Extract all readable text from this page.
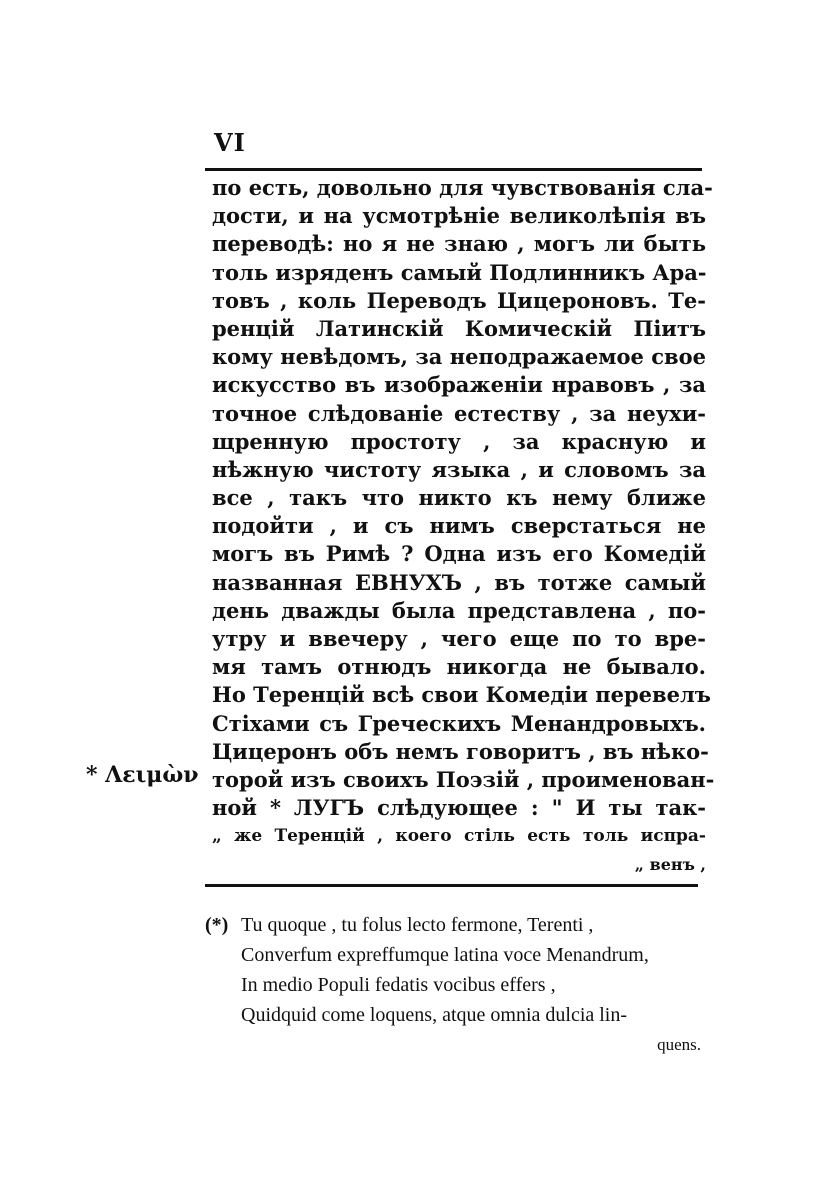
VI
* Λειμὼν
по есть, довольно для чувствованія сла-
дости, и на усмотрѣніе великолѣпія въ
переводѣ: но я не знаю , могъ ли быть
толь изряденъ самый Подлинникъ Ара-
товъ , коль Переводъ Цицероновъ. Те-
ренцій Латинскій Комическій Піитъ
кому невѣдомъ, за неподражаемое свое
искусство въ изображеніи нравовъ , за
точное слѣдованіе естеству , за неухи-
щренную простоту , за красную и
нѣжную чистоту языка , и словомъ за
все , такъ что никто къ нему ближе
подойти , и съ нимъ сверстаться не
могъ въ Римѣ ? Одна изъ его Комедій
названная ЕВНУХЪ , въ тотже самый
день дважды была представлена , по-
утру и ввечеру , чего еще по то вре-
мя тамъ отнюдъ никогда не бывало.
Но Теренцій всѣ свои Комедіи перевелъ
Стіхами съ Греческихъ Менандровыхъ.
Цицеронъ объ немъ говоритъ , въ нѣко-
торой изъ своихъ Поэзій , проименован-
ной * ЛУГЪ слѣдующее : " И ты так-
„ же Теренцій , коего стіль есть толь испра-
„ венъ ,
(*) Tu quoque , tu folus lecto fermone, Terenti ,
Converfum expreffumque latina voce Menandrum,
In medio Populi fedatis vocibus effers ,
Quidquid come loquens, atque omnia dulcia lin-
quens.
